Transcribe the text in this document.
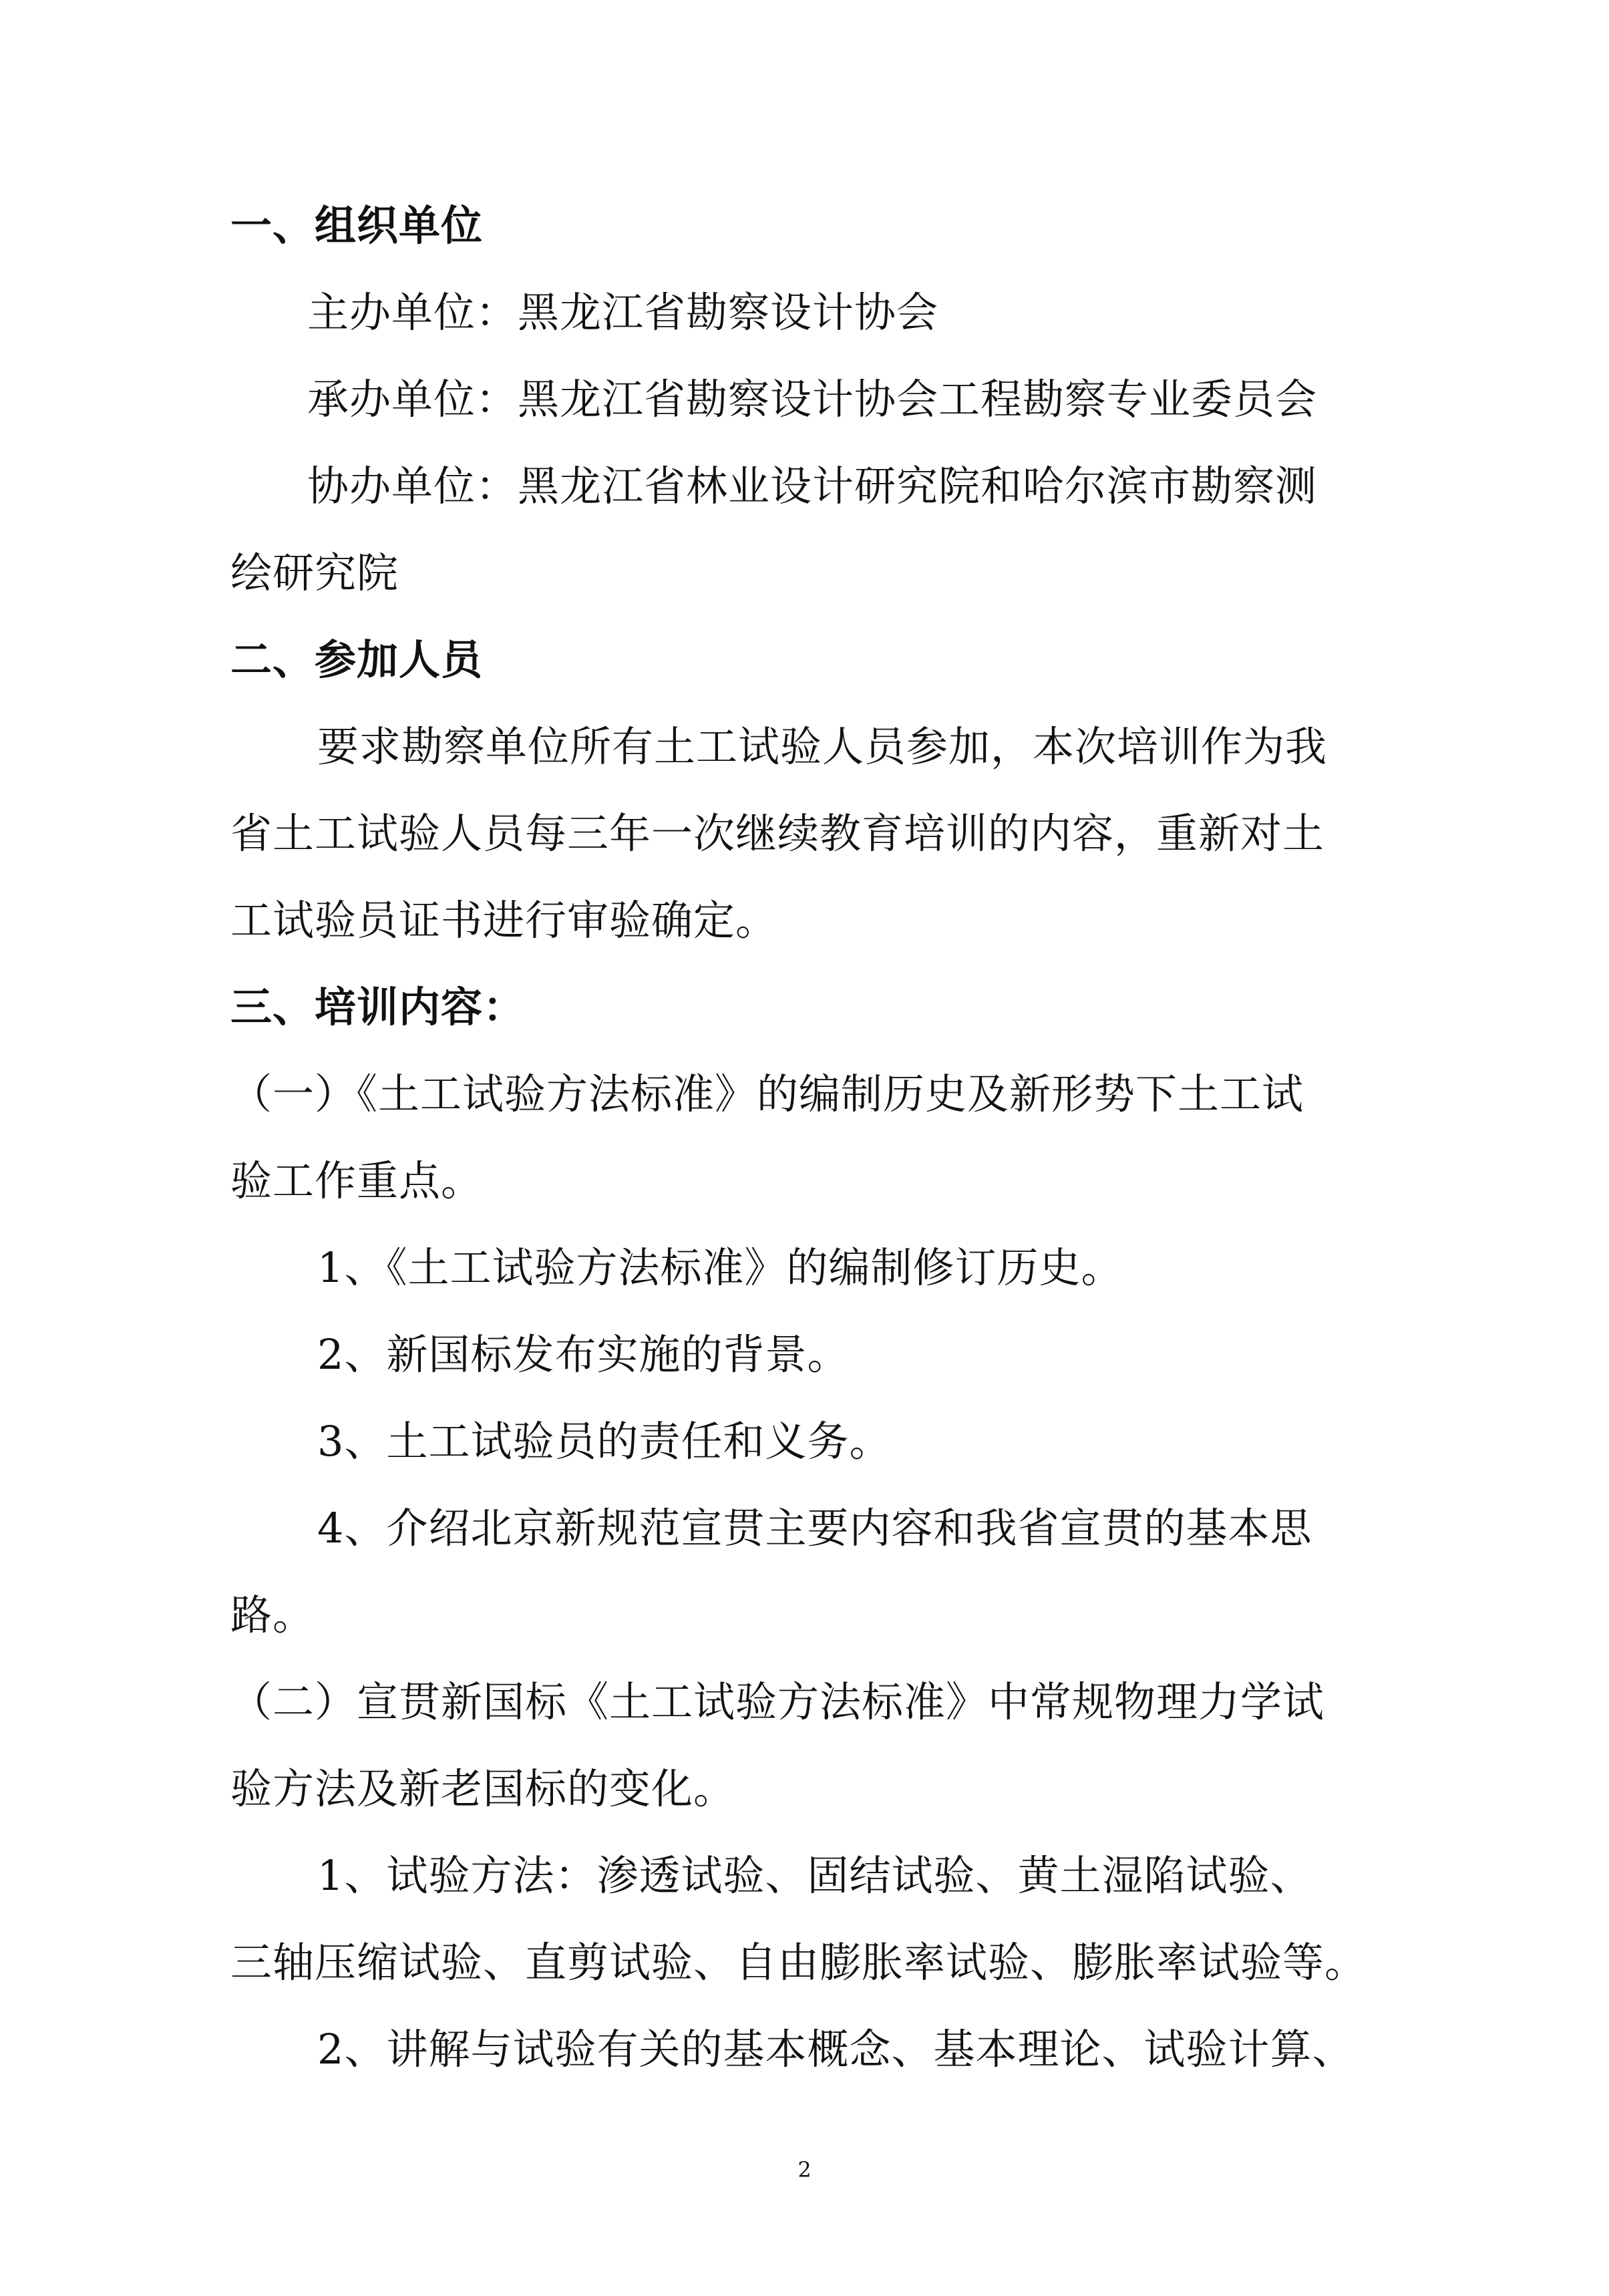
一、组织单位
主办单位：黑龙江省勘察设计协会
承办单位：黑龙江省勘察设计协会工程勘察专业委员会
协办单位：黑龙江省林业设计研究院和哈尔滨市勘察测
绘研究院
二、参加人员
要求勘察单位所有土工试验人员参加，本次培训作为我
省土工试验人员每三年一次继续教育培训的内容，重新对土
工试验员证书进行审验确定。
三、培训内容：
（一）《土工试验方法标准》的编制历史及新形势下土工试
验工作重点。
1、《土工试验方法标准》的编制修订历史。
2、新国标发布实施的背景。
3、土工试验员的责任和义务。
4、介绍北京新规范宣贯主要内容和我省宣贯的基本思
路。
（二）宣贯新国标《土工试验方法标准》中常规物理力学试
验方法及新老国标的变化。
1、试验方法：渗透试验、固结试验、黄土湿陷试验、
三轴压缩试验、直剪试验、自由膨胀率试验、膨胀率试验等。
2、讲解与试验有关的基本概念、基本理论、试验计算、
2
